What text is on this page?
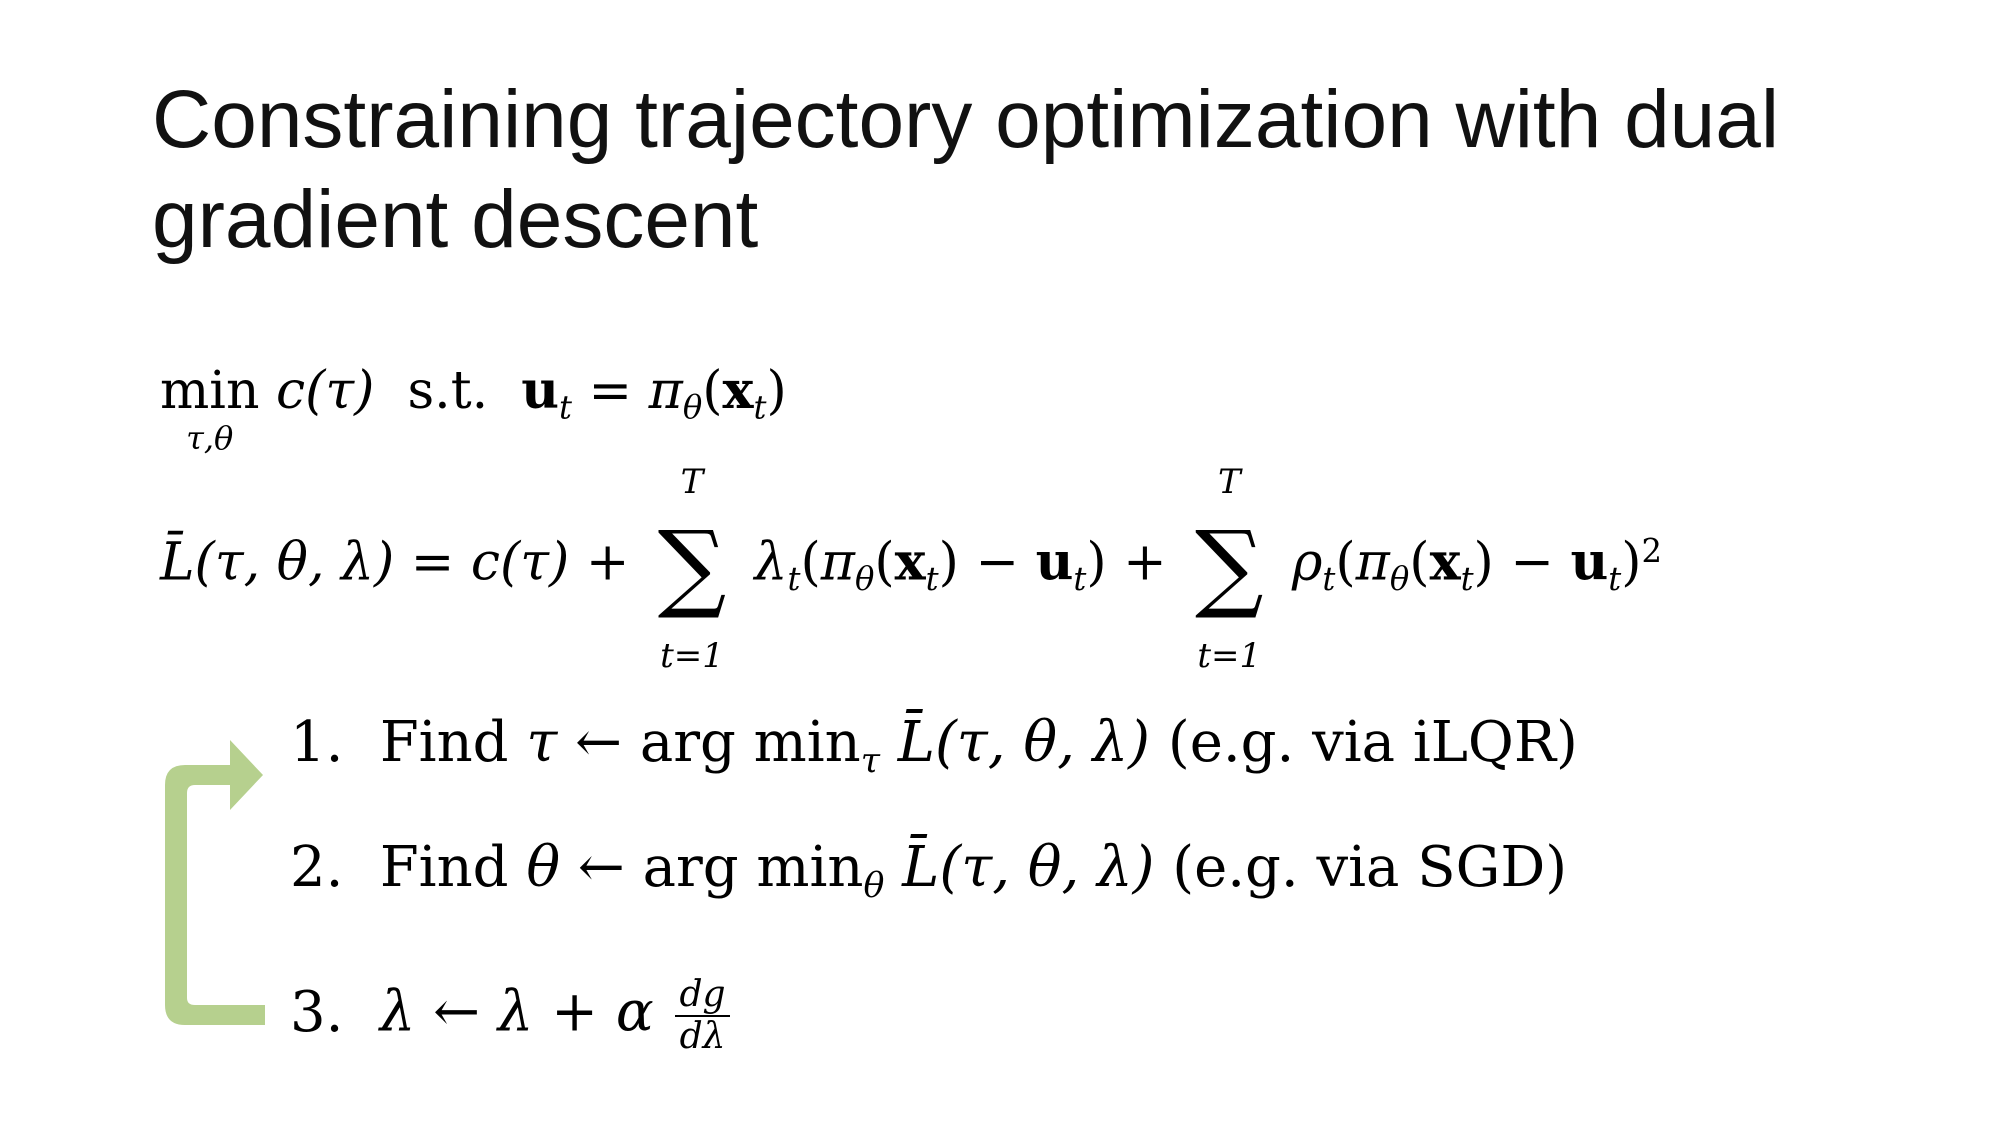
Constraining trajectory optimization with dual gradient descent
min
τ,θ
c(τ) s.t. $u_t = \pi_\theta(x_t)$
L̄(τ, θ, λ) = c(τ) +
T
∑
t=1
$\lambda_t(\pi_\theta(x_t) - u_t)$ +
T
∑
t=1
$\rho_t(\pi_\theta(x_t) - u_t)^2$
1. Find τ ← arg $\min_\tau$ L̄(τ, θ, λ) (e.g. via iLQR)
2. Find θ ← arg $\min_\theta$ L̄(τ, θ, λ) (e.g. via SGD)
3. λ ← λ + α $\frac{dg}{d\lambda}$
